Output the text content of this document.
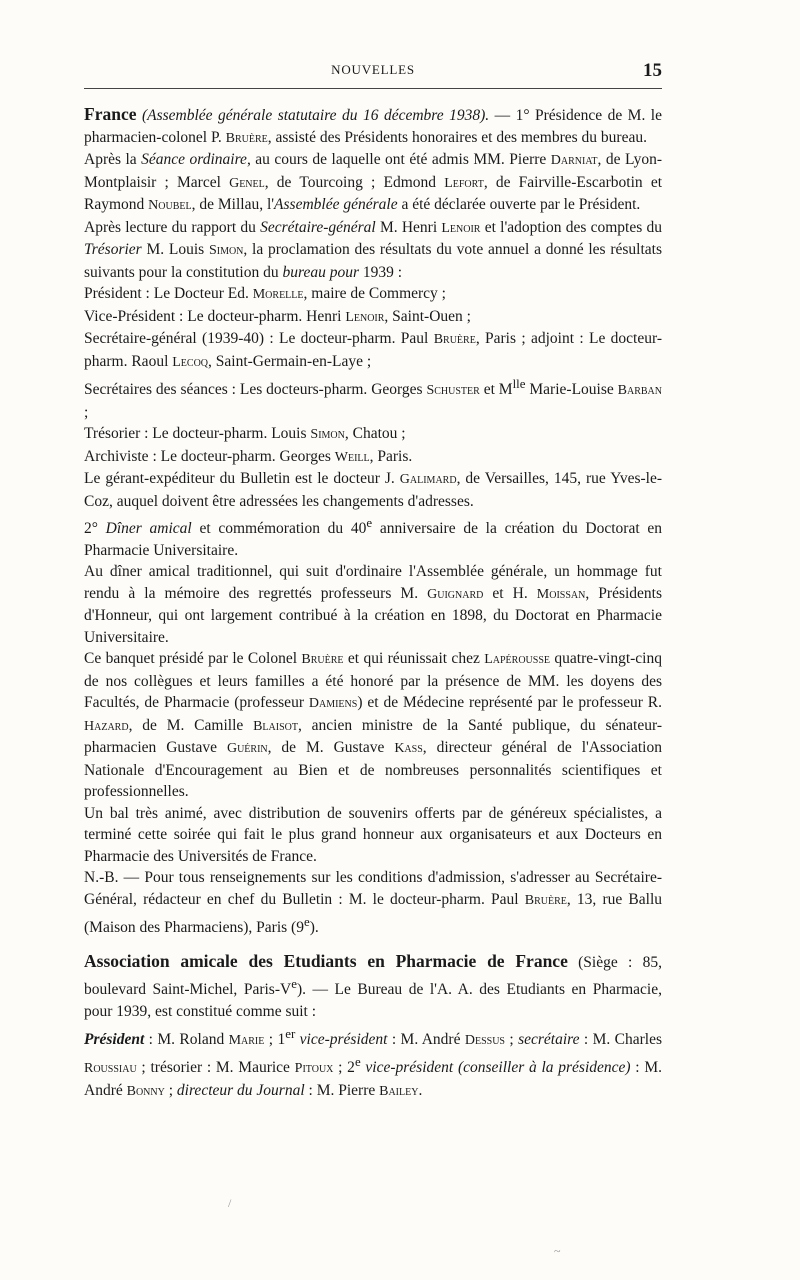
NOUVELLES	15

France (Assemblée générale statutaire du 16 décembre 1938). — 1° Présidence de M. le pharmacien-colonel P. Bruère, assisté des Présidents honoraires et des membres du bureau.

Après la Séance ordinaire, au cours de laquelle ont été admis MM. Pierre Darniat, de Lyon-Montplaisir ; Marcel Genel, de Tourcoing ; Edmond Lefort, de Fairville-Escarbotin et Raymond Noubel, de Millau, l'Assemblée générale a été déclarée ouverte par le Président.

Après lecture du rapport du Secrétaire-général M. Henri Lenoir et l'adoption des comptes du Trésorier M. Louis Simon, la proclamation des résultats du vote annuel a donné les résultats suivants pour la constitution du bureau pour 1939 :

Président : Le Docteur Ed. Morelle, maire de Commercy ;

Vice-Président : Le docteur-pharm. Henri Lenoir, Saint-Ouen ;

Secrétaire-général (1939-40) : Le docteur-pharm. Paul Bruère, Paris ; adjoint : Le docteur-pharm. Raoul Lecoq, Saint-Germain-en-Laye ;

Secrétaires des séances : Les docteurs-pharm. Georges Schuster et $M^{lle}$ Marie-Louise Barban ;

Trésorier : Le docteur-pharm. Louis Simon, Chatou ;

Archiviste : Le docteur-pharm. Georges Weill, Paris.

Le gérant-expéditeur du Bulletin est le docteur J. Galimard, de Versailles, 145, rue Yves-le-Coz, auquel doivent être adressées les changements d'adresses.

2° Dîner amical et commémoration du 40e anniversaire de la création du Doctorat en Pharmacie Universitaire.

Au dîner amical traditionnel, qui suit d'ordinaire l'Assemblée générale, un hommage fut rendu à la mémoire des regrettés professeurs M. Guignard et H. Moissan, Présidents d'Honneur, qui ont largement contribué à la création en 1898, du Doctorat en Pharmacie Universitaire.

Ce banquet présidé par le Colonel Bruère et qui réunissait chez Lapérousse quatre-vingt-cinq de nos collègues et leurs familles a été honoré par la présence de MM. les doyens des Facultés, de Pharmacie (professeur Damiens) et de Médecine représenté par le professeur R. Hazard, de M. Camille Blaisot, ancien ministre de la Santé publique, du sénateur-pharmacien Gustave Guérin, de M. Gustave Kass, directeur général de l'Association Nationale d'Encouragement au Bien et de nombreuses personnalités scientifiques et professionnelles.

Un bal très animé, avec distribution de souvenirs offerts par de généreux spécialistes, a terminé cette soirée qui fait le plus grand honneur aux organisateurs et aux Docteurs en Pharmacie des Universités de France.

N.-B. — Pour tous renseignements sur les conditions d'admission, s'adresser au Secrétaire-Général, rédacteur en chef du Bulletin : M. le docteur-pharm. Paul Bruère, 13, rue Ballu (Maison des Pharmaciens), Paris (9e).

Association amicale des Etudiants en Pharmacie de France (Siège : 85, boulevard Saint-Michel, Paris-Ve). — Le Bureau de l'A. A. des Etudiants en Pharmacie, pour 1939, est constitué comme suit :

Président : M. Roland Marie ; 1er vice-président : M. André Dessus ; secrétaire : M. Charles Roussiau ; trésorier : M. Maurice Pitoux ; 2e vice-président (conseiller à la présidence) : M. André Bonny ; directeur du Journal : M. Pierre Bailey.

/
~
